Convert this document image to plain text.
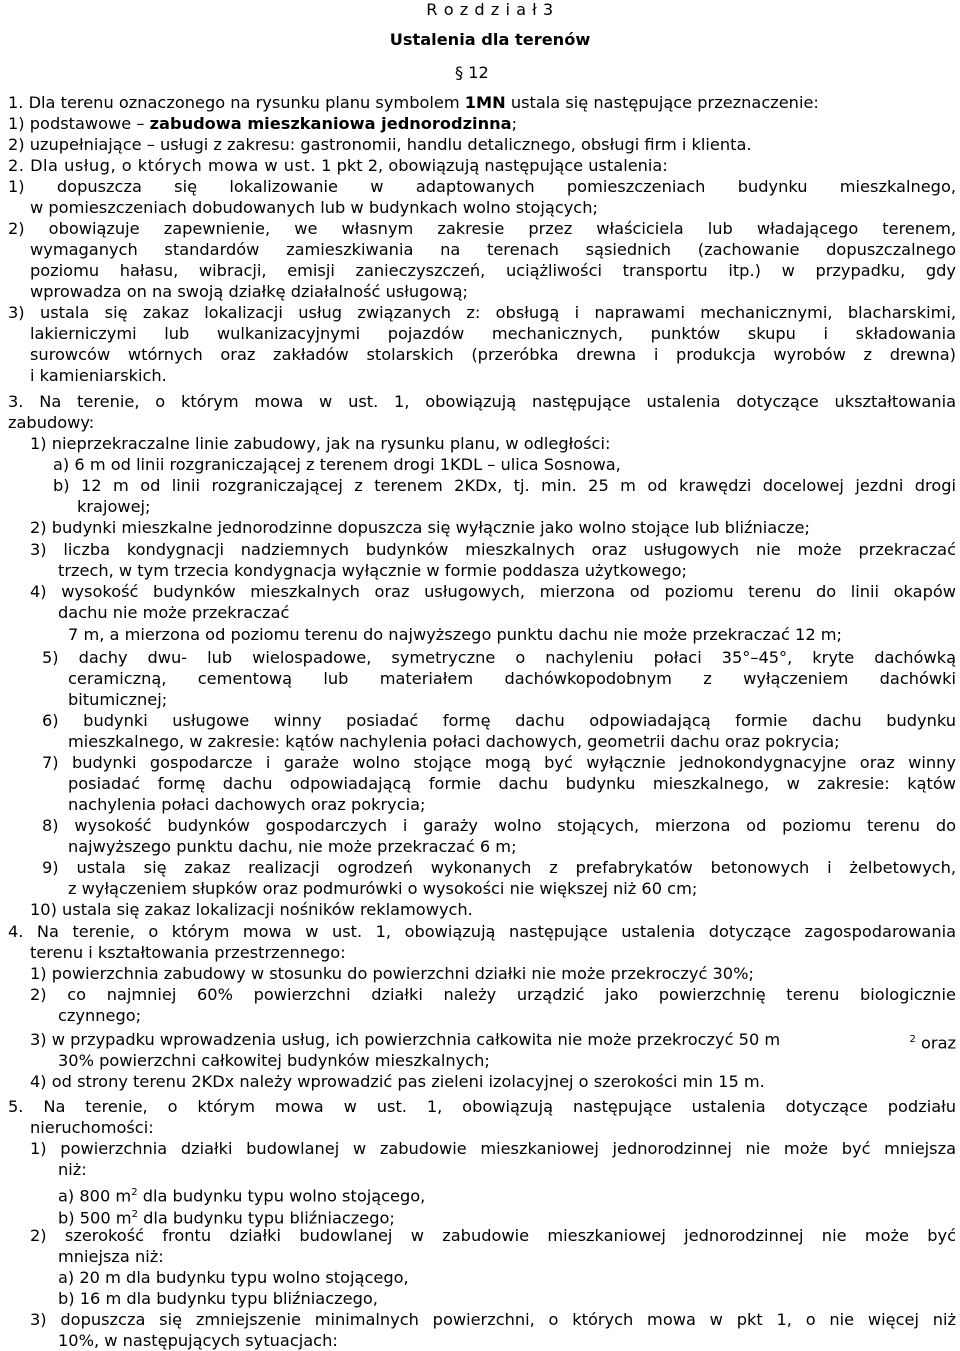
R o z d z i a ł 3
Ustalenia dla terenów
§ 12
1. Dla terenu oznaczonego na rysunku planu symbolem 1MN ustala się następujące przeznaczenie:
1) podstawowe – zabudowa mieszkaniowa jednorodzinna;
2) uzupełniające – usługi z zakresu: gastronomii, handlu detalicznego, obsługi firm i klienta.
2. Dla usług, o których mowa w ust. 1 pkt 2, obowiązują następujące ustalenia:
1) dopuszcza się lokalizowanie w adaptowanych pomieszczeniach budynku mieszkalnego,
w pomieszczeniach dobudowanych lub w budynkach wolno stojących;
2) obowiązuje zapewnienie, we własnym zakresie przez właściciela lub władającego terenem,
wymaganych standardów zamieszkiwania na terenach sąsiednich (zachowanie dopuszczalnego
poziomu hałasu, wibracji, emisji zanieczyszczeń, uciążliwości transportu itp.) w przypadku, gdy
wprowadza on na swoją działkę działalność usługową;
3) ustala się zakaz lokalizacji usług związanych z: obsługą i naprawami mechanicznymi, blacharskimi,
lakierniczymi lub wulkanizacyjnymi pojazdów mechanicznych, punktów skupu i składowania
surowców wtórnych oraz zakładów stolarskich (przeróbka drewna i produkcja wyrobów z drewna)
i kamieniarskich.
3. Na terenie, o którym mowa w ust. 1, obowiązują następujące ustalenia dotyczące ukształtowania
zabudowy:
1) nieprzekraczalne linie zabudowy, jak na rysunku planu, w odległości:
a) 6 m od linii rozgraniczającej z terenem drogi 1KDL – ulica Sosnowa,
b) 12 m od linii rozgraniczającej z terenem 2KDx, tj. min. 25 m od krawędzi docelowej jezdni drogi
krajowej;
2) budynki mieszkalne jednorodzinne dopuszcza się wyłącznie jako wolno stojące lub bliźniacze;
3) liczba kondygnacji nadziemnych budynków mieszkalnych oraz usługowych nie może przekraczać
trzech, w tym trzecia kondygnacja wyłącznie w formie poddasza użytkowego;
4) wysokość budynków mieszkalnych oraz usługowych, mierzona od poziomu terenu do linii okapów
dachu nie może przekraczać
7 m, a mierzona od poziomu terenu do najwyższego punktu dachu nie może przekraczać 12 m;
5) dachy dwu- lub wielospadowe, symetryczne o nachyleniu połaci 35°–45°, kryte dachówką
ceramiczną, cementową lub materiałem dachówkopodobnym z wyłączeniem dachówki
bitumicznej;
6) budynki usługowe winny posiadać formę dachu odpowiadającą formie dachu budynku
mieszkalnego, w zakresie: kątów nachylenia połaci dachowych, geometrii dachu oraz pokrycia;
7) budynki gospodarcze i garaże wolno stojące mogą być wyłącznie jednokondygnacyjne oraz winny
posiadać formę dachu odpowiadającą formie dachu budynku mieszkalnego, w zakresie: kątów
nachylenia połaci dachowych oraz pokrycia;
8) wysokość budynków gospodarczych i garaży wolno stojących, mierzona od poziomu terenu do
najwyższego punktu dachu, nie może przekraczać 6 m;
9) ustala się zakaz realizacji ogrodzeń wykonanych z prefabrykatów betonowych i żelbetowych,
z wyłączeniem słupków oraz podmurówki o wysokości nie większej niż 60 cm;
10) ustala się zakaz lokalizacji nośników reklamowych.
4. Na terenie, o którym mowa w ust. 1, obowiązują następujące ustalenia dotyczące zagospodarowania
terenu i kształtowania przestrzennego:
1) powierzchnia zabudowy w stosunku do powierzchni działki nie może przekroczyć 30%;
2) co najmniej 60% powierzchni działki należy urządzić jako powierzchnię terenu biologicznie
czynnego;
3) w przypadku wprowadzenia usług, ich powierzchnia całkowita nie może przekroczyć 50 m	$^2$ oraz
30% powierzchni całkowitej budynków mieszkalnych;
4) od strony terenu 2KDx należy wprowadzić pas zieleni izolacyjnej o szerokości min 15 m.
5. Na terenie, o którym mowa w ust. 1, obowiązują następujące ustalenia dotyczące podziału
nieruchomości:
1) powierzchnia działki budowlanej w zabudowie mieszkaniowej jednorodzinnej nie może być mniejsza
niż:
a) 800 $m^2$ dla budynku typu wolno stojącego,
b) 500 $m^2$ dla budynku typu bliźniaczego;
2) szerokość frontu działki budowlanej w zabudowie mieszkaniowej jednorodzinnej nie może być
mniejsza niż:
a) 20 m dla budynku typu wolno stojącego,
b) 16 m dla budynku typu bliźniaczego,
3) dopuszcza się zmniejszenie minimalnych powierzchni, o których mowa w pkt 1, o nie więcej niż
10%, w następujących sytuacjach:
